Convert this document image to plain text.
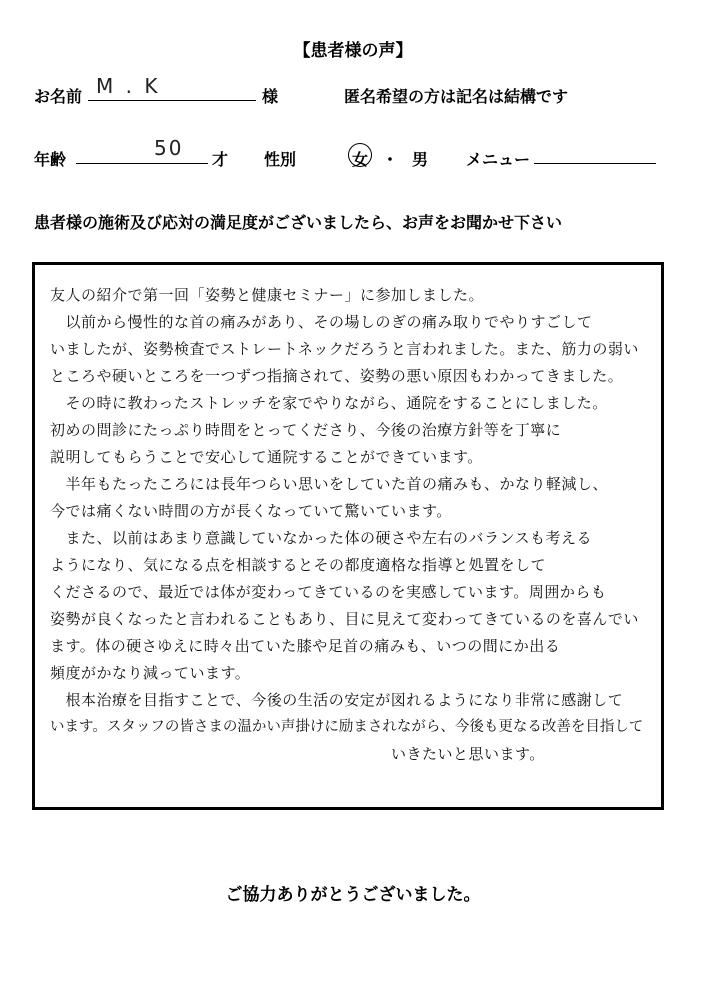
【患者様の声】
お名前 M . K	様	匿名希望の方は記名は結構です
年齢	50 才 性別	女 ・ 男 メニュー
患者様の施術及び応対の満足度がございましたら、お声をお聞かせ下さい
友人の紹介で第一回「姿勢と健康セミナー」に参加しました。
　以前から慢性的な首の痛みがあり、その場しのぎの痛み取りでやりすごして
いましたが、姿勢検査でストレートネックだろうと言われました。また、筋力の弱い
ところや硬いところを一つずつ指摘されて、姿勢の悪い原因もわかってきました。
　その時に教わったストレッチを家でやりながら、通院をすることにしました。
初めの問診にたっぷり時間をとってくださり、今後の治療方針等を丁寧に
説明してもらうことで安心して通院することができています。
　半年もたったころには長年つらい思いをしていた首の痛みも、かなり軽減し、
今では痛くない時間の方が長くなっていて驚いています。
　また、以前はあまり意識していなかった体の硬さや左右のバランスも考える
ようになり、気になる点を相談するとその都度適格な指導と処置をして
くださるので、最近では体が変わってきているのを実感しています。周囲からも
姿勢が良くなったと言われることもあり、目に見えて変わってきているのを喜んでい
ます。体の硬さゆえに時々出ていた膝や足首の痛みも、いつの間にか出る
頻度がかなり減っています。
　根本治療を目指すことで、今後の生活の安定が図れるようになり非常に感謝して
います。スタッフの皆さまの温かい声掛けに励まされながら、今後も更なる改善を目指して
　　　　　　　　　　　　　　　　　　　　　　いきたいと思います。
ご協力ありがとうございました。
